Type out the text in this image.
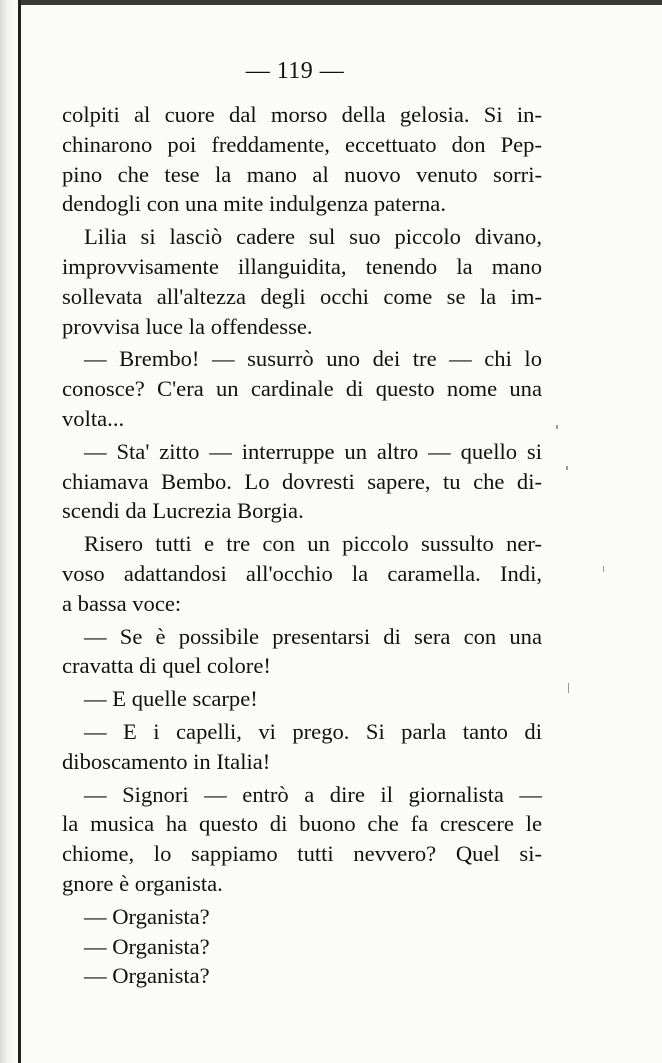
— 119 —
colpiti al cuore dal morso della gelosia. Si in-
chinarono poi freddamente, eccettuato don Pep-
pino che tese la mano al nuovo venuto sorri-
dendogli con una mite indulgenza paterna.
Lilia si lasciò cadere sul suo piccolo divano,
improvvisamente illanguidita, tenendo la mano
sollevata all'altezza degli occhi come se la im-
provvisa luce la offendesse.
— Brembo! — susurrò uno dei tre — chi lo
conosce? C'era un cardinale di questo nome una
volta...
— Sta' zitto — interruppe un altro — quello si
chiamava Bembo. Lo dovresti sapere, tu che di-
scendi da Lucrezia Borgia.
Risero tutti e tre con un piccolo sussulto ner-
voso adattandosi all'occhio la caramella. Indi,
a bassa voce:
— Se è possibile presentarsi di sera con una
cravatta di quel colore!
— E quelle scarpe!
— E i capelli, vi prego. Si parla tanto di
diboscamento in Italia!
— Signori — entrò a dire il giornalista —
la musica ha questo di buono che fa crescere le
chiome, lo sappiamo tutti nevvero? Quel si-
gnore è organista.
— Organista?
— Organista?
— Organista?
